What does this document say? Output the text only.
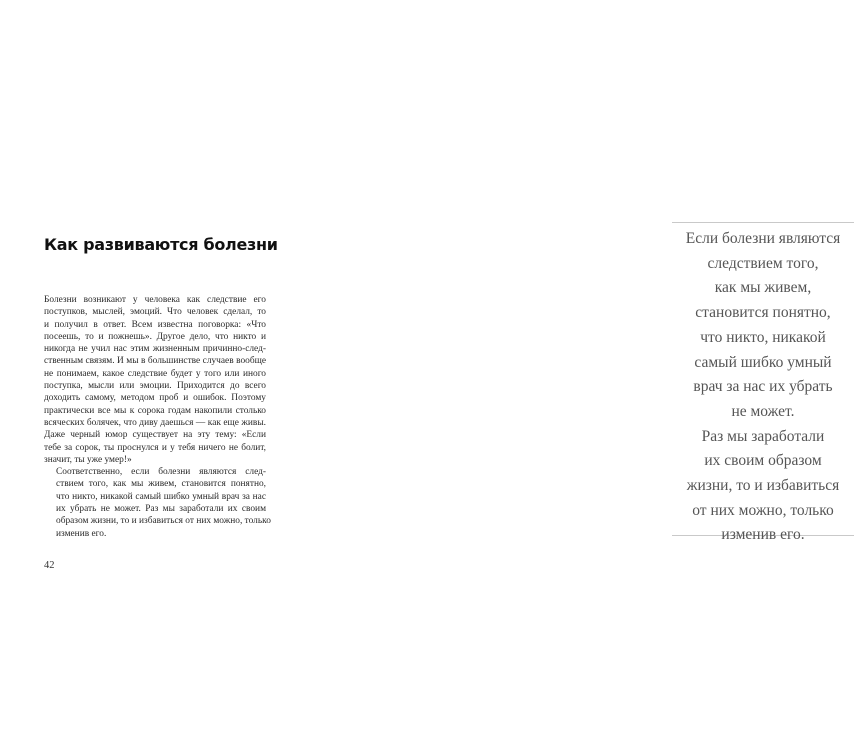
Как развиваются болезни

Болезни возникают у человека как следствие его
поступков, мыслей, эмоций. Что человек сделал, то
и получил в ответ. Всем известна поговорка: «Что
посеешь, то и пожнешь». Другое дело, что никто и
никогда не учил нас этим жизненным причинно-след-
ственным связям. И мы в большинстве случаев вообще
не понимаем, какое следствие будет у того или иного
поступка, мысли или эмоции. Приходится до всего
доходить самому, методом проб и ошибок. Поэтому
практически все мы к сорока годам накопили столько
всяческих болячек, что диву даешься — как еще живы.
Даже черный юмор существует на эту тему: «Если
тебе за сорок, ты проснулся и у тебя ничего не болит,
значит, ты уже умер!»

Соответственно, если болезни являются след-
ствием того, как мы живем, становится понятно,
что никто, никакой самый шибко умный врач за нас
их убрать не может. Раз мы заработали их своим
образом жизни, то и избавиться от них можно, только
изменив его.

42

Если болезни являются
следствием того,
как мы живем,
становится понятно,
что никто, никакой
самый шибко умный
врач за нас их убрать
не может.
Раз мы заработали
их своим образом
жизни, то и избавиться
от них можно, только
изменив его.
